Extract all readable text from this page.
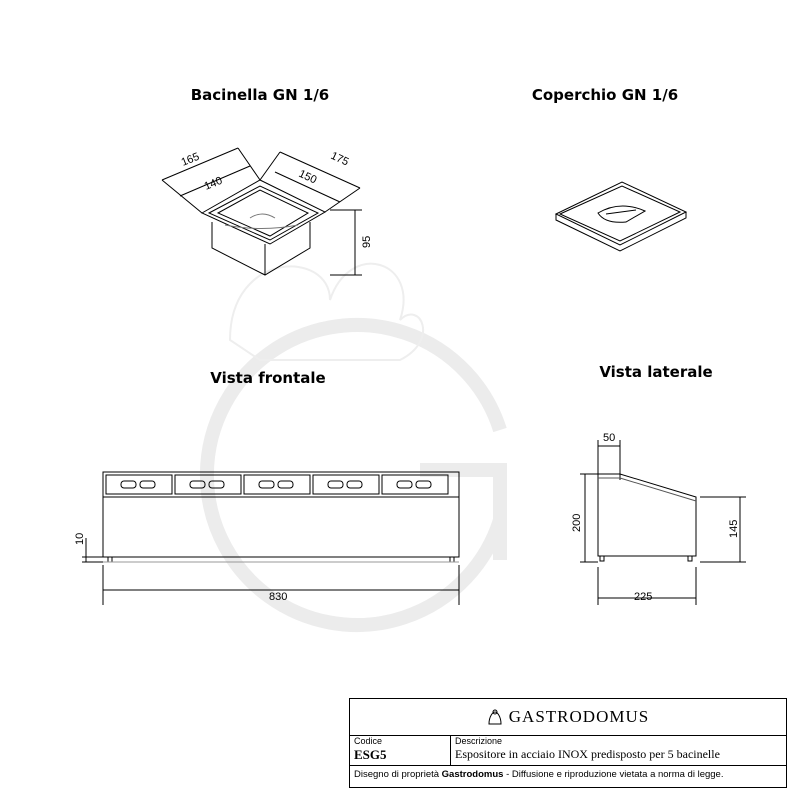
Bacinella GN 1/6	Coperchio GN 1/6
Vista frontale	Vista laterale
165
140	150
175
95
10
830
50
200	145
225
GASTRODOMUS
Codice
ESG5
Descrizione
Espositore in acciaio INOX predisposto per 5 bacinelle
Disegno di proprietà Gastrodomus - Diffusione e riproduzione vietata a norma di legge.
